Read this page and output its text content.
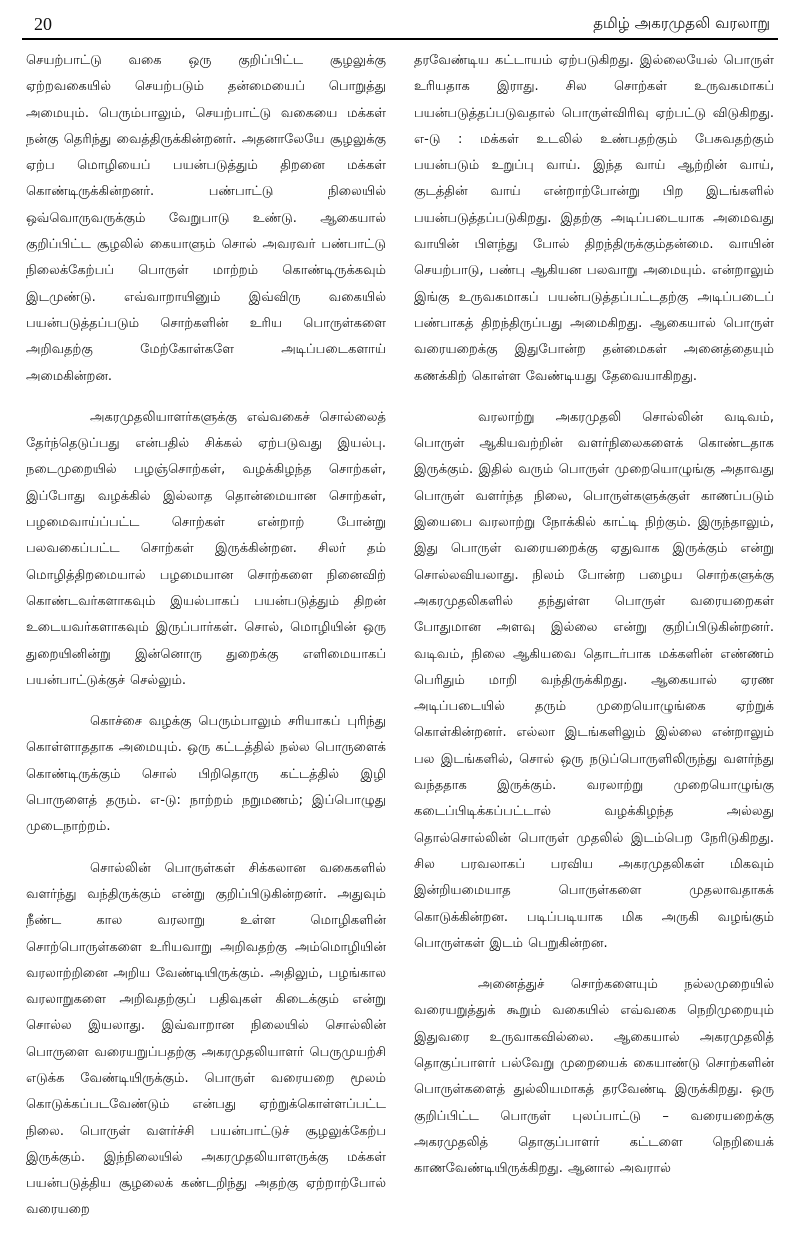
20	தமிழ் அகரமுதலி வரலாறு

செயற்பாட்டு வகை ஒரு குறிப்பிட்ட சூழலுக்கு ஏற்றவகையில் செயற்படும் தன்மையைப் பொறுத்து அமையும். பெரும்பாலும், செயற்பாட்டு வகையை மக்கள் நன்கு தெரிந்து வைத்திருக்கின்றனர். அதனாலேயே சூழலுக்கு ஏற்ப மொழியைப் பயன்படுத்தும் திறனை மக்கள் கொண்டிருக்கின்றனர். பண்பாட்டு நிலையில் ஒவ்வொருவருக்கும் வேறுபாடு உண்டு. ஆகையால் குறிப்பிட்ட சூழலில் கையாளும் சொல் அவரவர் பண்பாட்டு நிலைக்கேற்பப் பொருள் மாற்றம் கொண்டிருக்கவும் இடமுண்டு. எவ்வாறாயினும் இவ்விரு வகையில் பயன்படுத்தப்படும் சொற்களின் உரிய பொருள்களை அறிவதற்கு மேற்கோள்களே அடிப்படைகளாய் அமைகின்றன.

அகரமுதலியாளர்களுக்கு எவ்வகைச் சொல்லைத் தேர்ந்தெடுப்பது என்பதில் சிக்கல் ஏற்படுவது இயல்பு. நடைமுறையில் பழஞ்சொற்கள், வழக்கிழந்த சொற்கள், இப்போது வழக்கில் இல்லாத தொன்மையான சொற்கள், பழமைவாய்ப்பட்ட சொற்கள் என்றாற் போன்று பலவகைப்பட்ட சொற்கள் இருக்கின்றன. சிலர் தம் மொழித்திறமையால் பழமையான சொற்களை நினைவிற் கொண்டவர்களாகவும் இயல்பாகப் பயன்படுத்தும் திறன் உடையவர்களாகவும் இருப்பார்கள். சொல், மொழியின் ஒரு துறையினின்று இன்னொரு துறைக்கு எளிமையாகப் பயன்பாட்டுக்குச் செல்லும்.

கொச்சை வழக்கு பெரும்பாலும் சரியாகப் புரிந்து கொள்ளாததாக அமையும். ஒரு கட்டத்தில் நல்ல பொருளைக் கொண்டிருக்கும் சொல் பிறிதொரு கட்டத்தில் இழி பொருளைத் தரும். எ-டு: நாற்றம் நறுமணம்; இப்பொழுது முடைநாற்றம்.

சொல்லின் பொருள்கள் சிக்கலான வகைகளில் வளர்ந்து வந்திருக்கும் என்று குறிப்பிடுகின்றனர். அதுவும் நீண்ட கால வரலாறு உள்ள மொழிகளின் சொற்பொருள்களை உரியவாறு அறிவதற்கு அம்மொழியின் வரலாற்றினை அறிய வேண்டியிருக்கும். அதிலும், பழங்கால வரலாறுகளை அறிவதற்குப் பதிவுகள் கிடைக்கும் என்று சொல்ல இயலாது. இவ்வாறான நிலையில் சொல்லின் பொருளை வரையறுப்பதற்கு அகரமுதலியாளர் பெருமுயற்சி எடுக்க வேண்டியிருக்கும். பொருள் வரையறை மூலம் கொடுக்கப்படவேண்டும் என்பது ஏற்றுக்கொள்ளப்பட்ட நிலை. பொருள் வளர்ச்சி பயன்பாட்டுச் சூழலுக்கேற்ப இருக்கும். இந்நிலையில் அகரமுதலியாளருக்கு மக்கள் பயன்படுத்திய சூழலைக் கண்டறிந்து அதற்கு ஏற்றாற்போல் வரையறை

தரவேண்டிய கட்டாயம் ஏற்படுகிறது. இல்லையேல் பொருள் உரியதாக இராது. சில சொற்கள் உருவகமாகப் பயன்படுத்தப்படுவதால் பொருள்விரிவு ஏற்பட்டு விடுகிறது. எ-டு : மக்கள் உடலில் உண்பதற்கும் பேசுவதற்கும் பயன்படும் உறுப்பு வாய். இந்த வாய் ஆற்றின் வாய், குடத்தின் வாய் என்றாற்போன்று பிற இடங்களில் பயன்படுத்தப்படுகிறது. இதற்கு அடிப்படையாக அமைவது வாயின் பிளந்து போல் திறந்திருக்கும்தன்மை. வாயின் செயற்பாடு, பண்பு ஆகியன பலவாறு அமையும். என்றாலும் இங்கு உருவகமாகப் பயன்படுத்தப்பட்டதற்கு அடிப்படைப் பண்பாகத் திறந்திருப்பது அமைகிறது. ஆகையால் பொருள் வரையறைக்கு இதுபோன்ற தன்மைகள் அனைத்தையும் கணக்கிற் கொள்ள வேண்டியது தேவையாகிறது.

வரலாற்று அகரமுதலி சொல்லின் வடிவம், பொருள் ஆகியவற்றின் வளர்நிலைகளைக் கொண்டதாக இருக்கும். இதில் வரும் பொருள் முறையொழுங்கு அதாவது பொருள் வளர்ந்த நிலை, பொருள்களுக்குள் காணப்படும் இயைபை வரலாற்று நோக்கில் காட்டி நிற்கும். இருந்தாலும், இது பொருள் வரையறைக்கு ஏதுவாக இருக்கும் என்று சொல்லவியலாது. நிலம் போன்ற பழைய சொற்களுக்கு அகரமுதலிகளில் தந்துள்ள பொருள் வரையறைகள் போதுமான அளவு இல்லை என்று குறிப்பிடுகின்றனர். வடிவம், நிலை ஆகியவை தொடர்பாக மக்களின் எண்ணம் பெரிதும் மாறி வந்திருக்கிறது. ஆகையால் ஏரண அடிப்படையில் தரும் முறையொழுங்கை ஏற்றுக் கொள்கின்றனர். எல்லா இடங்களிலும் இல்லை என்றாலும் பல இடங்களில், சொல் ஒரு நடுப்பொருளிலிருந்து வளர்ந்து வந்ததாக இருக்கும். வரலாற்று முறையொழுங்கு கடைப்பிடிக்கப்பட்டால் வழக்கிழந்த அல்லது தொல்சொல்லின் பொருள் முதலில் இடம்பெற நேரிடுகிறது. சில பரவலாகப் பரவிய அகரமுதலிகள் மிகவும் இன்றியமையாத பொருள்களை முதலாவதாகக் கொடுக்கின்றன. படிப்படியாக மிக அருகி வழங்கும் பொருள்கள் இடம் பெறுகின்றன.

அனைத்துச் சொற்களையும் நல்லமுறையில் வரையறுத்துக் கூறும் வகையில் எவ்வகை நெறிமுறையும் இதுவரை உருவாகவில்லை. ஆகையால் அகரமுதலித் தொகுப்பாளர் பல்வேறு முறையைக் கையாண்டு சொற்களின் பொருள்களைத் துல்லியமாகத் தரவேண்டி இருக்கிறது. ஒரு குறிப்பிட்ட பொருள் புலப்பாட்டு – வரையறைக்கு அகரமுதலித் தொகுப்பாளர் கட்டளை நெறியைக் காணவேண்டியிருக்கிறது. ஆனால் அவரால்
